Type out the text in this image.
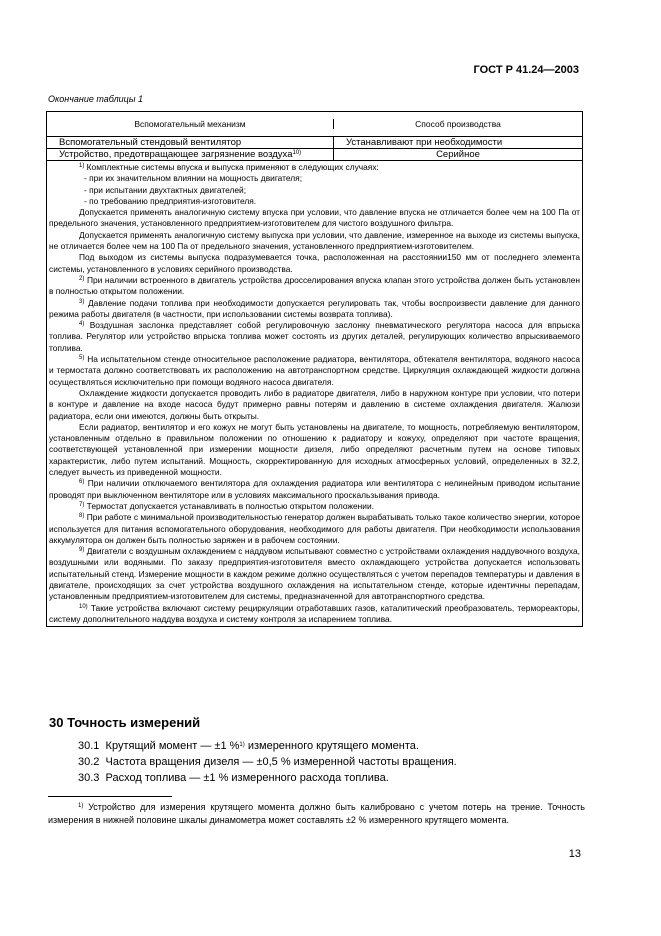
ГОСТ Р 41.24—2003
Окончание таблицы 1
Вспомогательный механизм	Способ производства
Вспомогательный стендовый вентилятор	Устанавливают при необходимости
Устройство, предотвращающее загрязнение воздуха$^{10)}$	Серийное

$^{1)}$ Комплектные системы впуска и выпуска применяют в следующих случаях:

- при их значительном влиянии на мощность двигателя;

- при испытании двухтактных двигателей;

- по требованию предприятия-изготовителя.

Допускается применять аналогичную систему впуска при условии, что давление впуска не отличается более чем на 100 Па от предельного значения, установленного предприятием-изготовителем для чистого воздушного фильтра.

Допускается применять аналогичную систему выпуска при условии, что давление, измеренное на выходе из системы выпуска, не отличается более чем на 100 Па от предельного значения, установленного предприятием-изготовителем.

Под выходом из системы выпуска подразумевается точка, расположенная на расстоянии150 мм от последнего элемента системы, установленного в условиях серийного производства.

$^{2)}$ При наличии встроенного в двигатель устройства дросселирования впуска клапан этого устройства должен быть установлен в полностью открытом положении.

$^{3)}$ Давление подачи топлива при необходимости допускается регулировать так, чтобы воспроизвести давление для данного режима работы двигателя (в частности, при использовании системы возврата топлива).

$^{4)}$ Воздушная заслонка представляет собой регулировочную заслонку пневматического регулятора насоса для впрыска топлива. Регулятор или устройство впрыска топлива может состоять из других деталей, регулирующих количество впрыскиваемого топлива.

$^{5)}$ На испытательном стенде относительное расположение радиатора, вентилятора, обтекателя вентилятора, водяного насоса и термостата должно соответствовать их расположению на автотранспортном средстве. Циркуляция охлаждающей жидкости должна осуществляться исключительно при помощи водяного насоса двигателя.

Охлаждение жидкости допускается проводить либо в радиаторе двигателя, либо в наружном контуре при условии, что потери в контуре и давление на входе насоса будут примерно равны потерям и давлению в системе охлаждения двигателя. Жалюзи радиатора, если они имеются, должны быть открыты.

Если радиатор, вентилятор и его кожух не могут быть установлены на двигателе, то мощность, потребляемую вентилятором, установленным отдельно в правильном положении по отношению к радиатору и кожуху, определяют при частоте вращения, соответствующей установленной при измерении мощности дизеля, либо определяют расчетным путем на основе типовых характеристик, либо путем испытаний. Мощность, скорректированную для исходных атмосферных условий, определенных в 32.2, следует вычесть из приведенной мощности.

$^{6)}$ При наличии отключаемого вентилятора для охлаждения радиатора или вентилятора с нелинейным приводом испытание проводят при выключенном вентиляторе или в условиях максимального проскальзывания привода.

$^{7)}$ Термостат допускается устанавливать в полностью открытом положении.

$^{8)}$ При работе с минимальной производительностью генератор должен вырабатывать только такое количество энергии, которое используется для питания вспомогательного оборудования, необходимого для работы двигателя. При необходимости использования аккумулятора он должен быть полностью заряжен и в рабочем состоянии.

$^{9)}$ Двигатели с воздушным охлаждением с наддувом испытывают совместно с устройствами охлаждения наддувочного воздуха, воздушными или водяными. По заказу предприятия-изготовителя вместо охлаждающего устройства допускается использовать испытательный стенд. Измерение мощности в каждом режиме должно осуществляться с учетом перепадов температуры и давления в двигателе, происходящих за счет устройства воздушного охлаждения на испытательном стенде, которые идентичны перепадам, установленным предприятием-изготовителем для системы, предназначенной для автотранспортного средства.

$^{10)}$ Такие устройства включают систему рециркуляции отработавших газов, каталитический преобразователь, термореакторы, систему дополнительного наддува воздуха и систему контроля за испарением топлива.

30 Точность измерений
30.1 Крутящий момент — ±1 %$^{1)}$ измеренного крутящего момента.
30.2 Частота вращения дизеля — ±0,5 % измеренной частоты вращения.
30.3 Расход топлива — ±1 % измеренного расхода топлива.
$^{1)}$ Устройство для измерения крутящего момента должно быть калибровано с учетом потерь на трение. Точность измерения в нижней половине шкалы динамометра может составлять ±2 % измеренного крутящего момента.
13
